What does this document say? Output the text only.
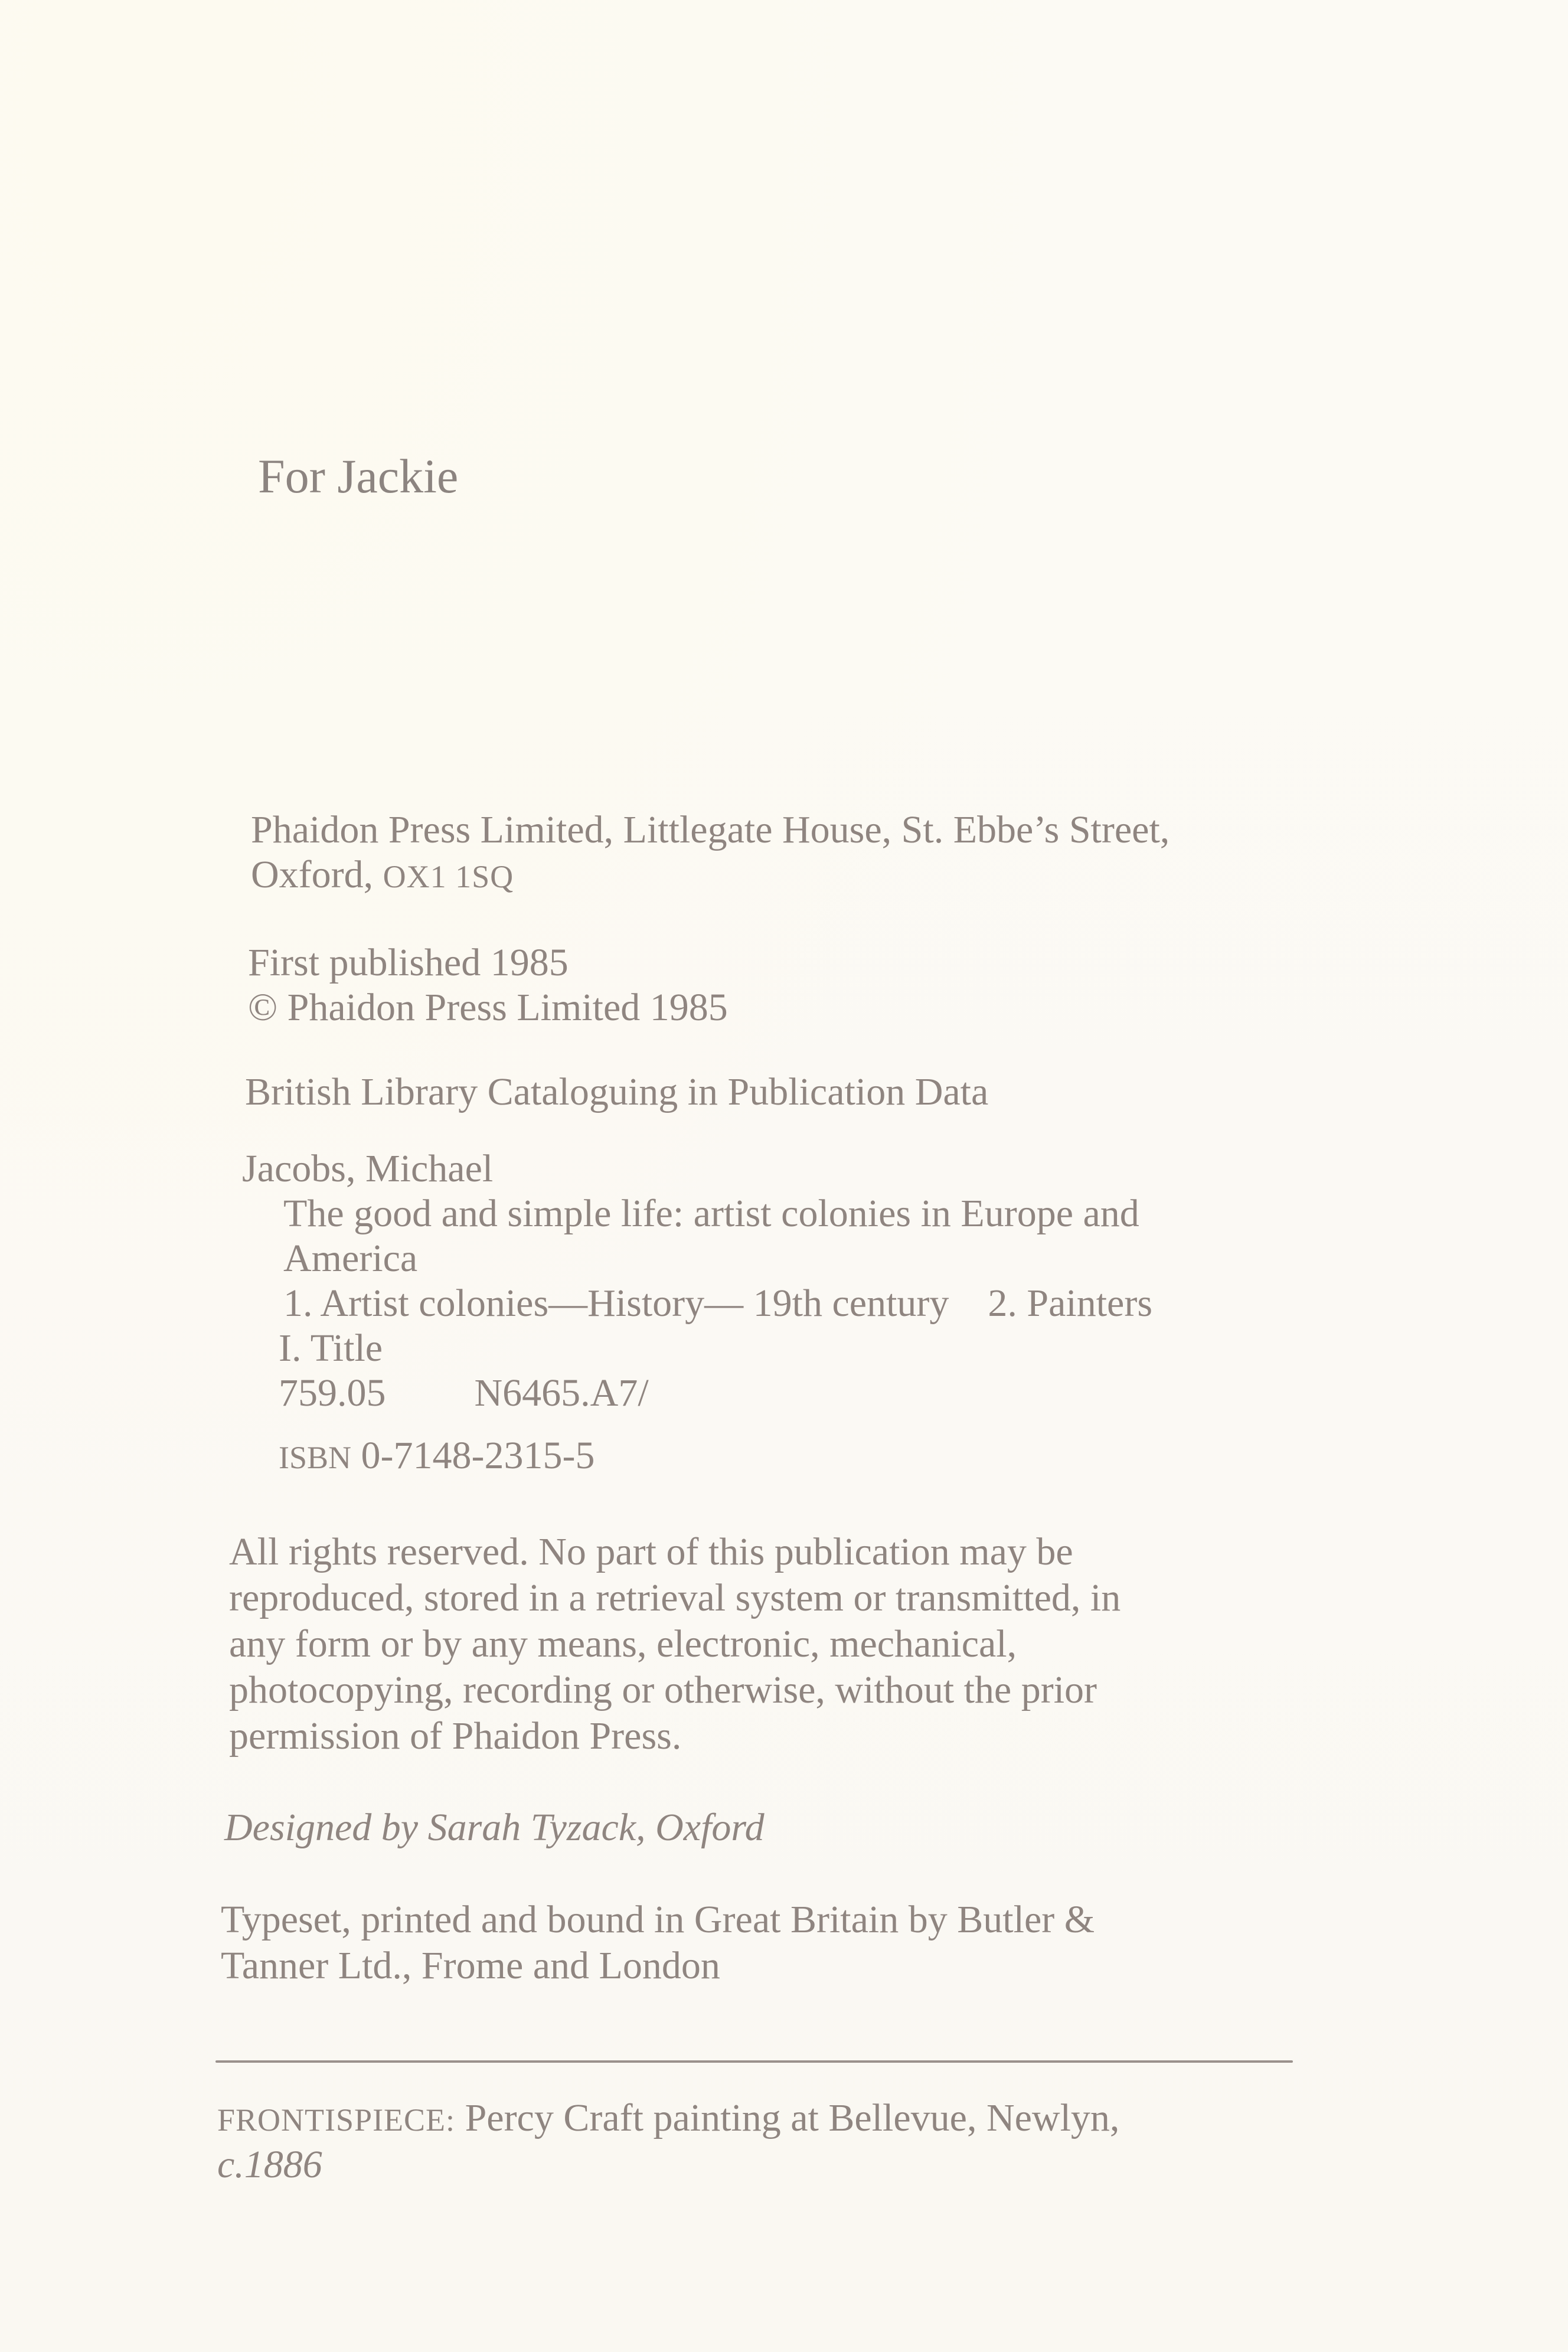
For Jackie
Phaidon Press Limited, Littlegate House, St. Ebbe’s Street,
Oxford, OX1 1SQ
First published 1985
© Phaidon Press Limited 1985
British Library Cataloguing in Publication Data
Jacobs, Michael
The good and simple life: artist colonies in Europe and
America
1. Artist colonies—History— 19th century    2. Painters
I. Title
759.05 N6465.A7/
ISBN 0-7148-2315-5
All rights reserved. No part of this publication may be
reproduced, stored in a retrieval system or transmitted, in
any form or by any means, electronic, mechanical,
photocopying, recording or otherwise, without the prior
permission of Phaidon Press.
Designed by Sarah Tyzack, Oxford
Typeset, printed and bound in Great Britain by Butler &
Tanner Ltd., Frome and London
FRONTISPIECE: Percy Craft painting at Bellevue, Newlyn,
c.1886
